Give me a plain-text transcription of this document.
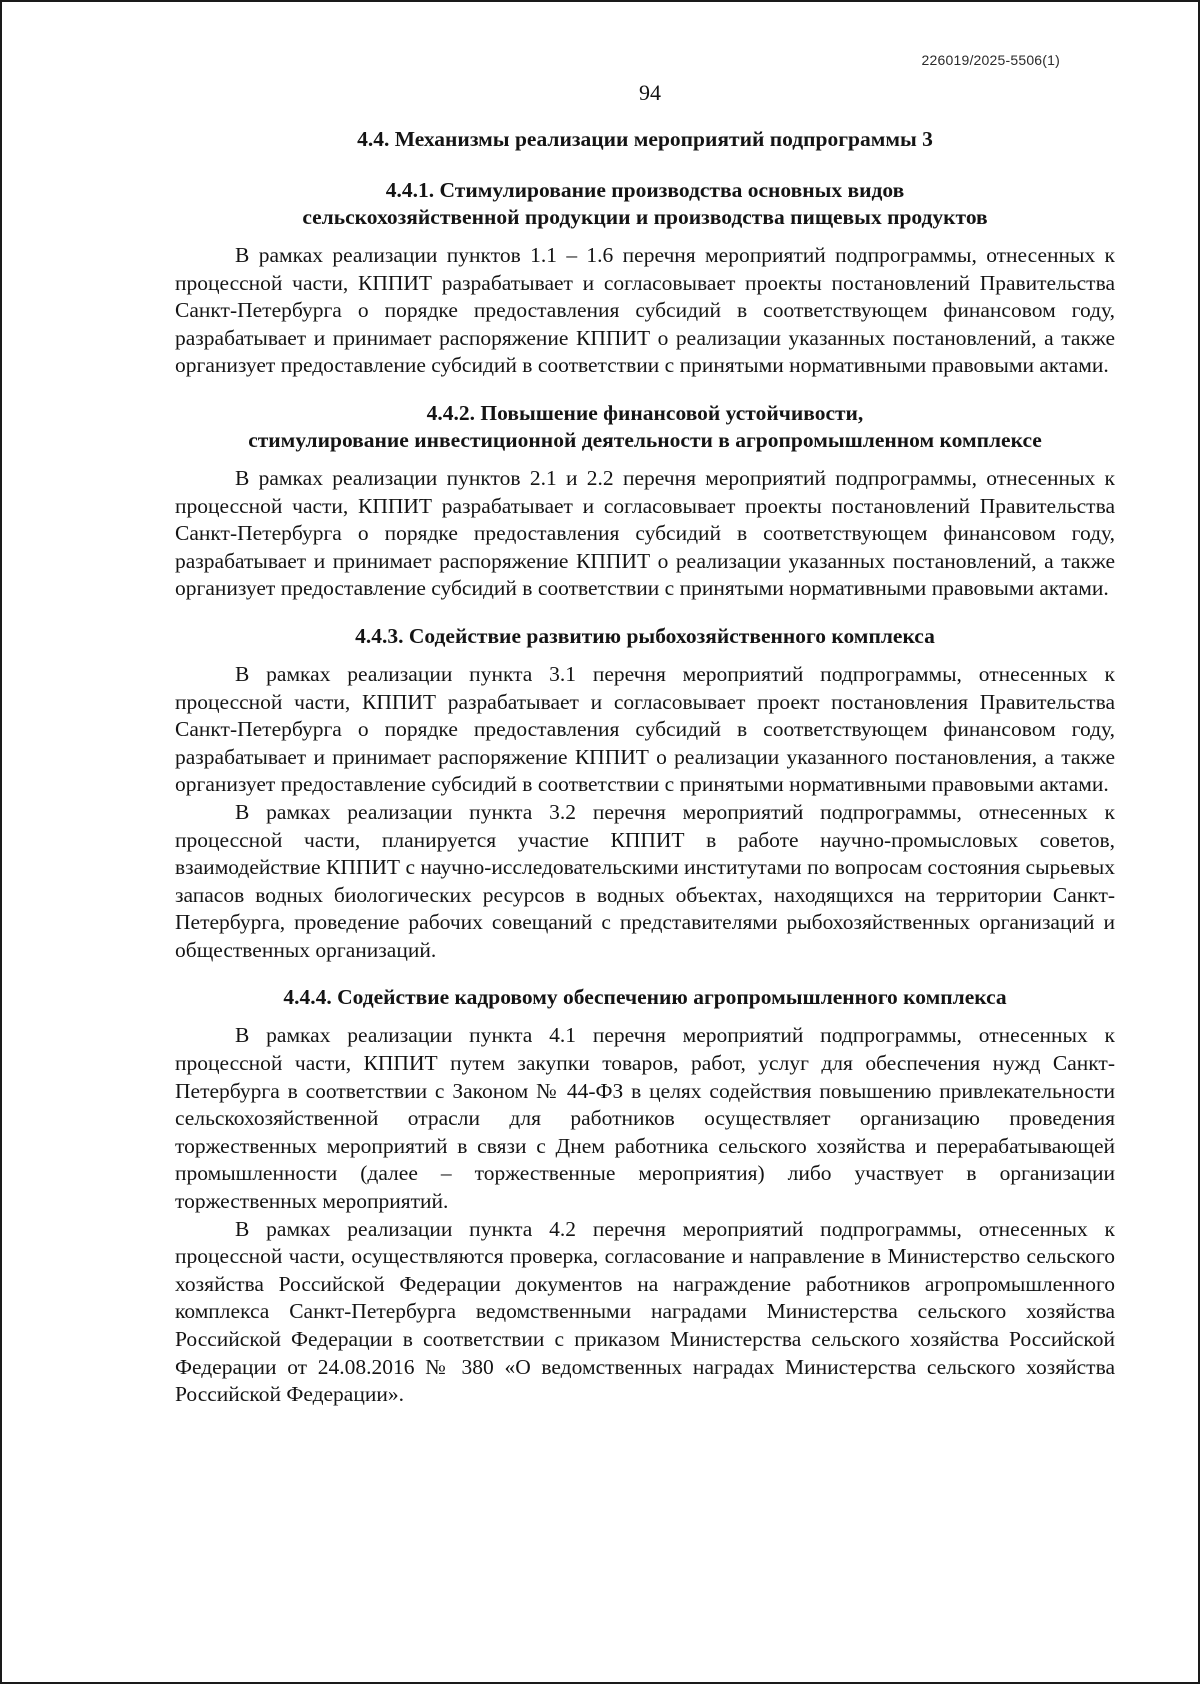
226019/2025-5506(1)
94
4.4. Механизмы реализации мероприятий подпрограммы 3
4.4.1. Стимулирование производства основных видов
сельскохозяйственной продукции и производства пищевых продуктов

В рамках реализации пунктов 1.1 – 1.6 перечня мероприятий подпрограммы, отнесенных к процессной части, КППИТ разрабатывает и согласовывает проекты постановлений Правительства Санкт-Петербурга о порядке предоставления субсидий в соответствующем финансовом году, разрабатывает и принимает распоряжение КППИТ о реализации указанных постановлений, а также организует предоставление субсидий в соответствии с принятыми нормативными правовыми актами.

4.4.2. Повышение финансовой устойчивости,
стимулирование инвестиционной деятельности в агропромышленном комплексе

В рамках реализации пунктов 2.1 и 2.2 перечня мероприятий подпрограммы, отнесенных к процессной части, КППИТ разрабатывает и согласовывает проекты постановлений Правительства Санкт-Петербурга о порядке предоставления субсидий в соответствующем финансовом году, разрабатывает и принимает распоряжение КППИТ о реализации указанных постановлений, а также организует предоставление субсидий в соответствии с принятыми нормативными правовыми актами.

4.4.3. Содействие развитию рыбохозяйственного комплекса

В рамках реализации пункта 3.1 перечня мероприятий подпрограммы, отнесенных к процессной части, КППИТ разрабатывает и согласовывает проект постановления Правительства Санкт-Петербурга о порядке предоставления субсидий в соответствующем финансовом году, разрабатывает и принимает распоряжение КППИТ о реализации указанного постановления, а также организует предоставление субсидий в соответствии с принятыми нормативными правовыми актами.

В рамках реализации пункта 3.2 перечня мероприятий подпрограммы, отнесенных к процессной части, планируется участие КППИТ в работе научно-промысловых советов, взаимодействие КППИТ с научно-исследовательскими институтами по вопросам состояния сырьевых запасов водных биологических ресурсов в водных объектах, находящихся на территории Санкт-Петербурга, проведение рабочих совещаний с представителями рыбохозяйственных организаций и общественных организаций.

4.4.4. Содействие кадровому обеспечению агропромышленного комплекса

В рамках реализации пункта 4.1 перечня мероприятий подпрограммы, отнесенных к процессной части, КППИТ путем закупки товаров, работ, услуг для обеспечения нужд Санкт-Петербурга в соответствии с Законом № 44-ФЗ в целях содействия повышению привлекательности сельскохозяйственной отрасли для работников осуществляет организацию проведения торжественных мероприятий в связи с Днем работника сельского хозяйства и перерабатывающей промышленности (далее – торжественные мероприятия) либо участвует в организации торжественных мероприятий.

В рамках реализации пункта 4.2 перечня мероприятий подпрограммы, отнесенных к процессной части, осуществляются проверка, согласование и направление в Министерство сельского хозяйства Российской Федерации документов на награждение работников агропромышленного комплекса Санкт-Петербурга ведомственными наградами Министерства сельского хозяйства Российской Федерации в соответствии с приказом Министерства сельского хозяйства Российской Федерации от 24.08.2016 № 380 «О ведомственных наградах Министерства сельского хозяйства Российской Федерации».
